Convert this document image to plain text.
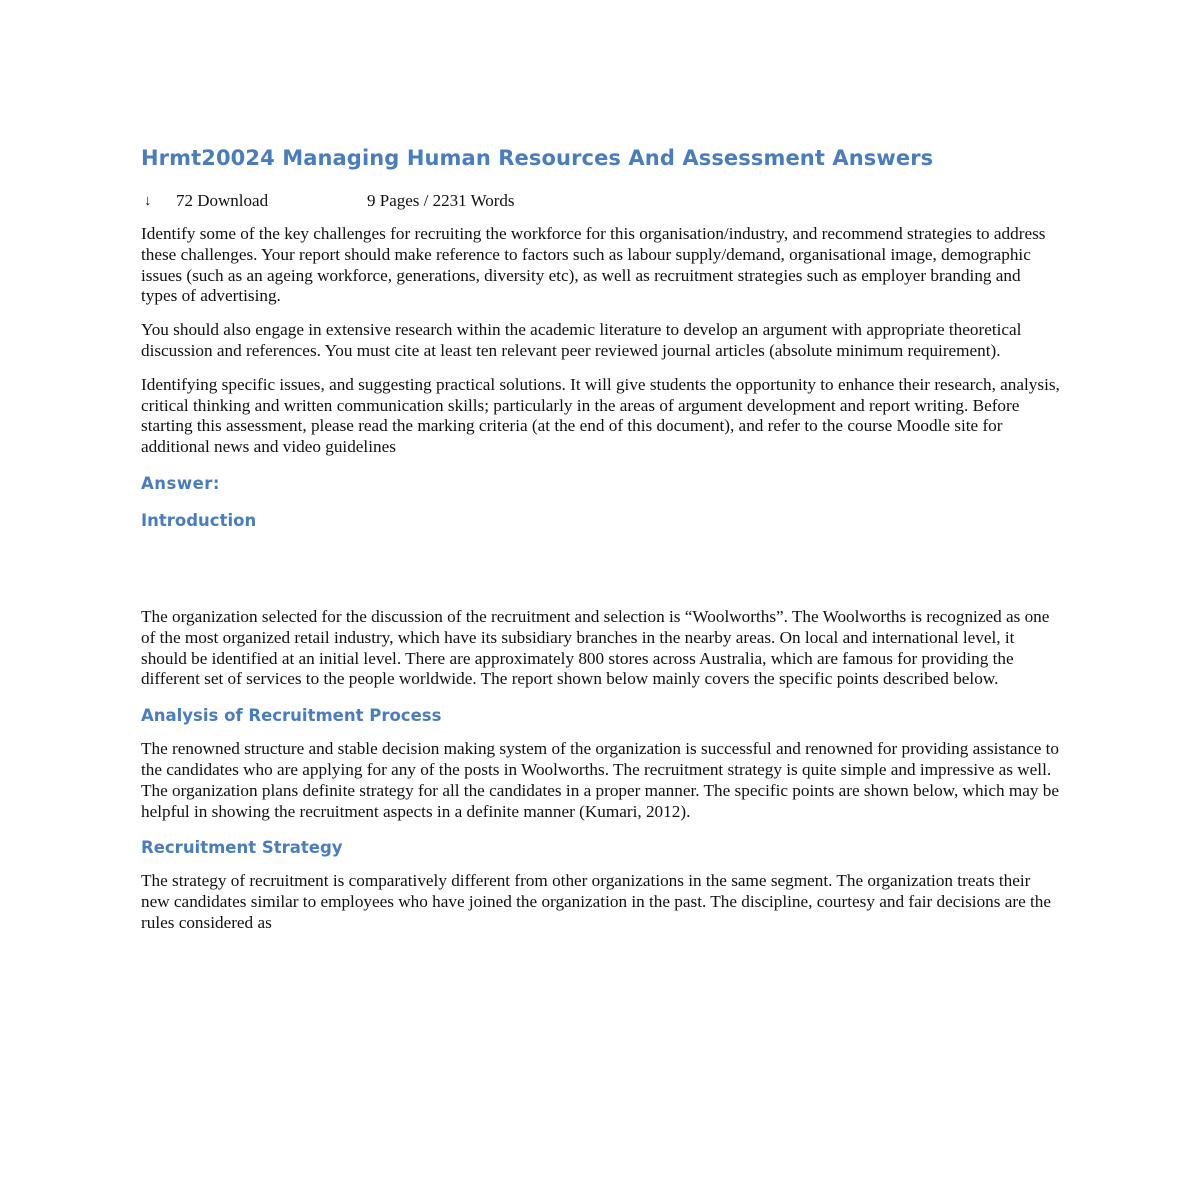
Hrmt20024 Managing Human Resources And Assessment Answers
↓	72 Download	9 Pages / 2231 Words

Identify some of the key challenges for recruiting the workforce for this organisation/industry, and recommend strategies to address these challenges. Your report should make reference to factors such as labour supply/demand, organisational image, demographic issues (such as an ageing workforce, generations, diversity etc), as well as recruitment strategies such as employer branding and types of advertising.

You should also engage in extensive research within the academic literature to develop an argument with appropriate theoretical discussion and references. You must cite at least ten relevant peer reviewed journal articles (absolute minimum requirement).

Identifying specific issues, and suggesting practical solutions. It will give students the opportunity to enhance their research, analysis, critical thinking and written communication skills; particularly in the areas of argument development and report writing. Before starting this assessment, please read the marking criteria (at the end of this document), and refer to the course Moodle site for additional news and video guidelines

Answer:
Introduction

The organization selected for the discussion of the recruitment and selection is “Woolworths”. The Woolworths is recognized as one of the most organized retail industry, which have its subsidiary branches in the nearby areas. On local and international level, it should be identified at an initial level. There are approximately 800 stores across Australia, which are famous for providing the different set of services to the people worldwide. The report shown below mainly covers the specific points described below.

Analysis of Recruitment Process

The renowned structure and stable decision making system of the organization is successful and renowned for providing assistance to the candidates who are applying for any of the posts in Woolworths. The recruitment strategy is quite simple and impressive as well. The organization plans definite strategy for all the candidates in a proper manner. The specific points are shown below, which may be helpful in showing the recruitment aspects in a definite manner (Kumari, 2012).

Recruitment Strategy

The strategy of recruitment is comparatively different from other organizations in the same segment. The organization treats their new candidates similar to employees who have joined the organization in the past. The discipline, courtesy and fair decisions are the rules considered as
